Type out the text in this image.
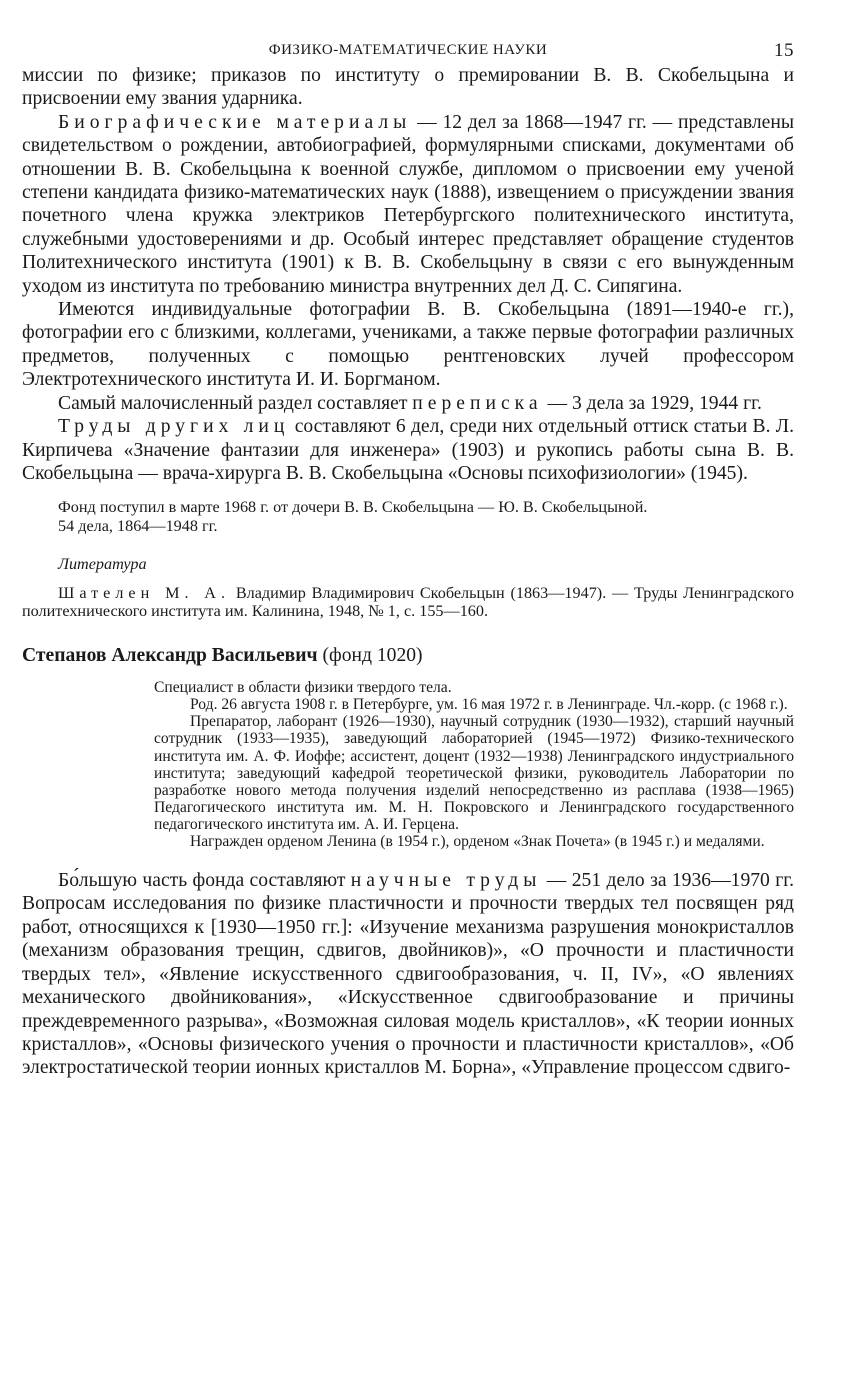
ФИЗИКО-МАТЕМАТИЧЕСКИЕ НАУКИ	15

миссии по физике; приказов по институту о премировании В. В. Скобельцына и присвоении ему звания ударника.

Биографические материалы — 12 дел за 1868—1947 гг. — представлены свидетельством о рождении, автобиографией, формулярными списками, документами об отношении В. В. Скобельцына к военной службе, дипломом о присвоении ему ученой степени кандидата физико-математических наук (1888), извещением о присуждении звания почетного члена кружка электриков Петербургского политехнического института, служебными удостоверениями и др. Особый интерес представляет обращение студентов Политехнического института (1901) к В. В. Скобельцыну в связи с его вынужденным уходом из института по требованию министра внутренних дел Д. С. Сипягина.

Имеются индивидуальные фотографии В. В. Скобельцына (1891—1940-е гг.), фотографии его с близкими, коллегами, учениками, а также первые фотографии различных предметов, полученных с помощью рентгеновских лучей профессором Электротехнического института И. И. Боргманом.

Самый малочисленный раздел составляет переписка — 3 дела за 1929, 1944 гг.

Труды других лиц составляют 6 дел, среди них отдельный оттиск статьи В. Л. Кирпичева «Значение фантазии для инженера» (1903) и рукопись работы сына В. В. Скобельцына — врача-хирурга В. В. Скобельцына «Основы психофизиологии» (1945).

Фонд поступил в марте 1968 г. от дочери В. В. Скобельцына — Ю. В. Скобельцыной.

54 дела, 1864—1948 гг.

Литература

Шателен М. А. Владимир Владимирович Скобельцын (1863—1947). — Труды Ленинградского политехнического института им. Калинина, 1948, № 1, с. 155—160.

Степанов Александр Васильевич (фонд 1020)

Специалист в области физики твердого тела.

Род. 26 августа 1908 г. в Петербурге, ум. 16 мая 1972 г. в Ленинграде. Чл.-корр. (с 1968 г.).

Препаратор, лаборант (1926—1930), научный сотрудник (1930—1932), старший научный сотрудник (1933—1935), заведующий лабораторией (1945—1972) Физико-технического института им. А. Ф. Иоффе; ассистент, доцент (1932—1938) Ленинградского индустриального института; заведующий кафедрой теоретической физики, руководитель Лаборатории по разработке нового метода получения изделий непосредственно из расплава (1938—1965) Педагогического института им. М. Н. Покровского и Ленинградского государственного педагогического института им. А. И. Герцена.

Награжден орденом Ленина (в 1954 г.), орденом «Знак Почета» (в 1945 г.) и медалями.

Бо́льшую часть фонда составляют научные труды — 251 дело за 1936—1970 гг. Вопросам исследования по физике пластичности и прочности твердых тел посвящен ряд работ, относящихся к [1930—1950 гг.]: «Изучение механизма разрушения монокристаллов (механизм образования трещин, сдвигов, двойников)», «О прочности и пластичности твердых тел», «Явление искусственного сдвигообразования, ч. II, IV», «О явлениях механического двойникования», «Искусственное сдвигообразование и причины преждевременного разрыва», «Возможная силовая модель кристаллов», «К теории ионных кристаллов», «Основы физического учения о прочности и пластичности кристаллов», «Об электростатической теории ионных кристаллов М. Борна», «Управление процессом сдвиго-
